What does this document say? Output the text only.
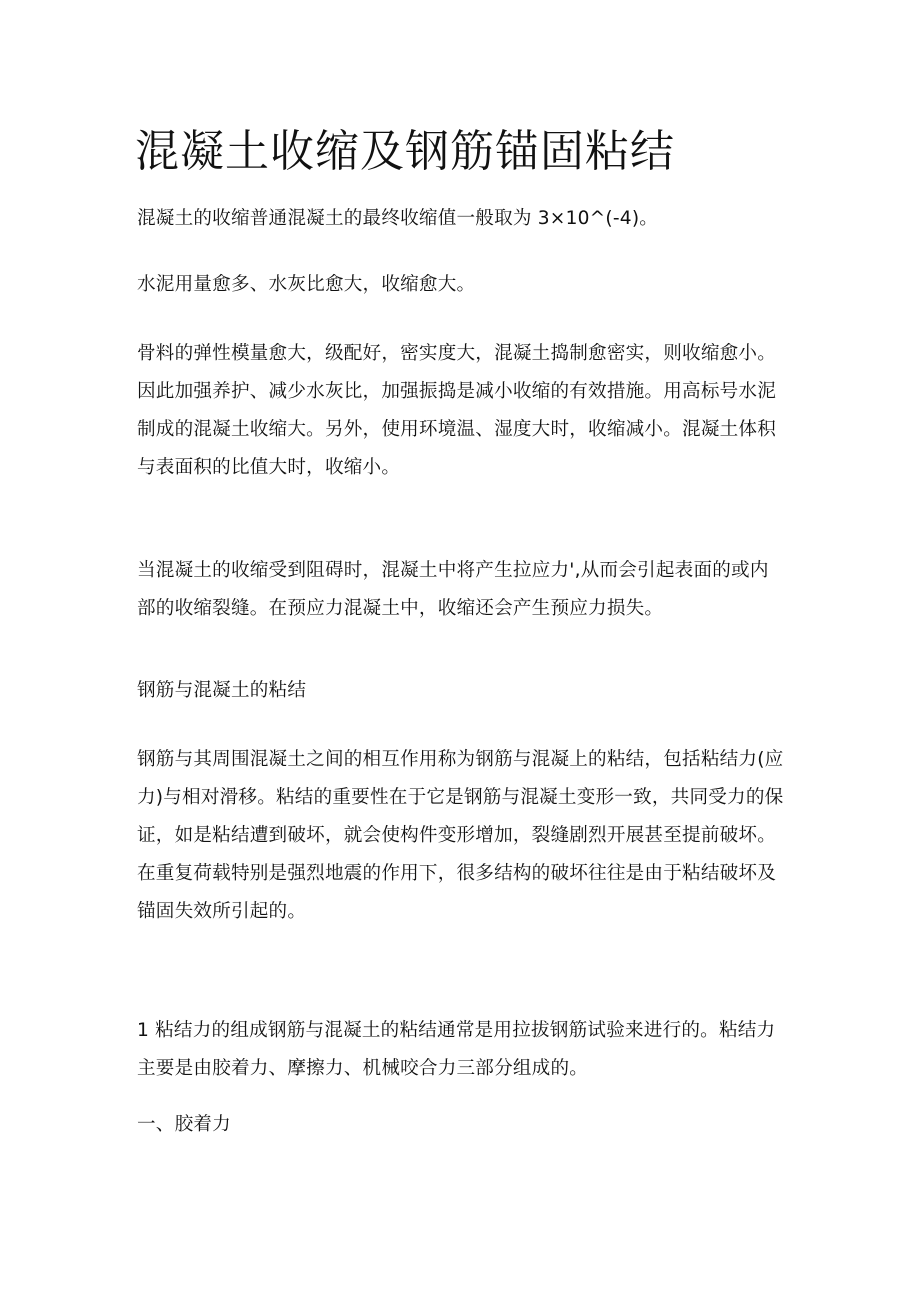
混凝土收缩及钢筋锚固粘结

混凝土的收缩普通混凝土的最终收缩值一般取为 3×10^(-4)。

水泥用量愈多、水灰比愈大，收缩愈大。

骨料的弹性模量愈大，级配好，密实度大，混凝土捣制愈密实，则收缩愈小。因此加强养护、减少水灰比，加强振捣是减小收缩的有效措施。用高标号水泥制成的混凝土收缩大。另外，使用环境温、湿度大时，收缩减小。混凝土体积与表面积的比值大时，收缩小。

当混凝土的收缩受到阻碍时，混凝土中将产生拉应力',从而会引起表面的或内部的收缩裂缝。在预应力混凝土中，收缩还会产生预应力损失。

钢筋与混凝土的粘结

钢筋与其周围混凝土之间的相互作用称为钢筋与混凝上的粘结，包括粘结力(应力)与相对滑移。粘结的重要性在于它是钢筋与混凝土变形一致，共同受力的保证，如是粘结遭到破坏，就会使构件变形增加，裂缝剧烈开展甚至提前破坏。在重复荷载特别是强烈地震的作用下，很多结构的破坏往往是由于粘结破坏及锚固失效所引起的。

1 粘结力的组成钢筋与混凝土的粘结通常是用拉拔钢筋试验来进行的。粘结力主要是由胶着力、摩擦力、机械咬合力三部分组成的。

一、胶着力
